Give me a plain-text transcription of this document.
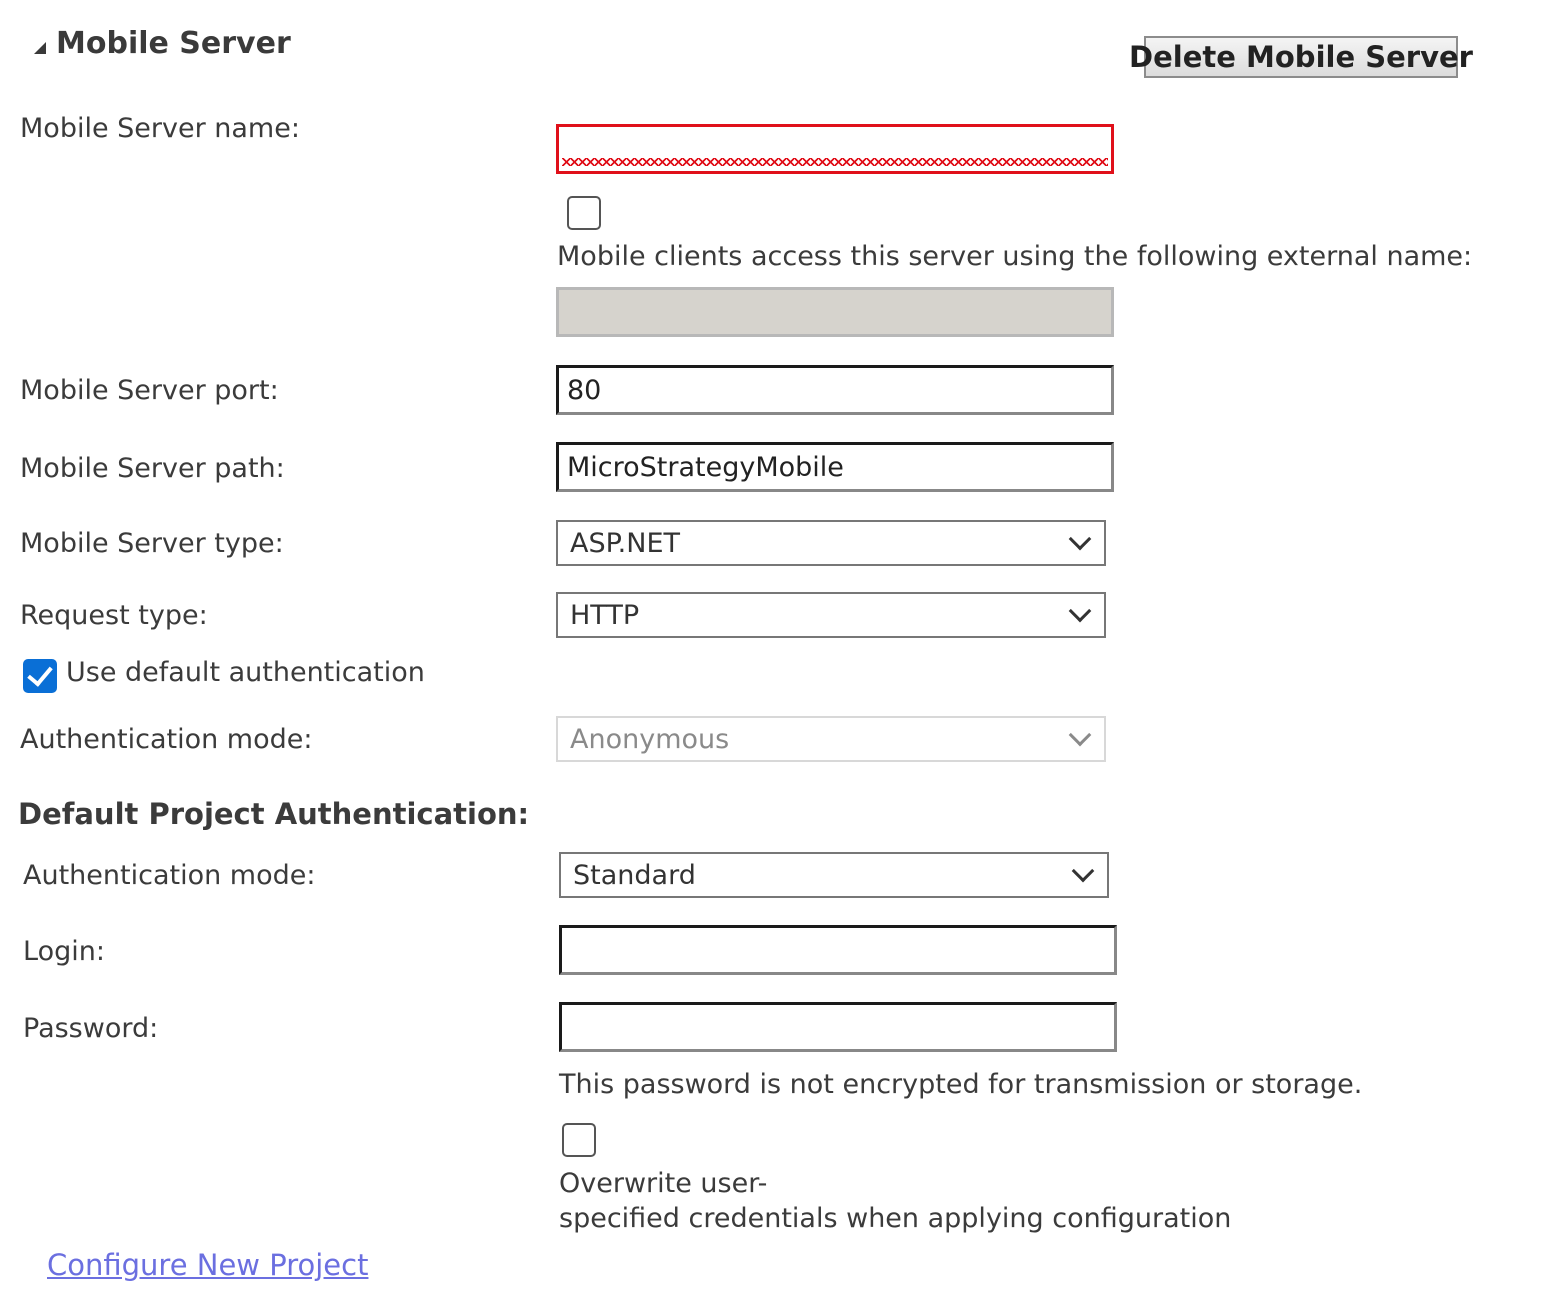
Mobile Server	Delete Mobile Server
Mobile Server name:
Mobile clients access this server using the following external name:
Mobile Server port:
80
Mobile Server path:
MicroStrategyMobile
Mobile Server type:	ASP.NET
Request type:	HTTP
Use default authentication
Authentication mode:	Anonymous
Default Project Authentication:
Authentication mode:	Standard
Login:
Password:
This password is not encrypted for transmission or storage.
Overwrite user-
specified credentials when applying configuration
Configure New Project
